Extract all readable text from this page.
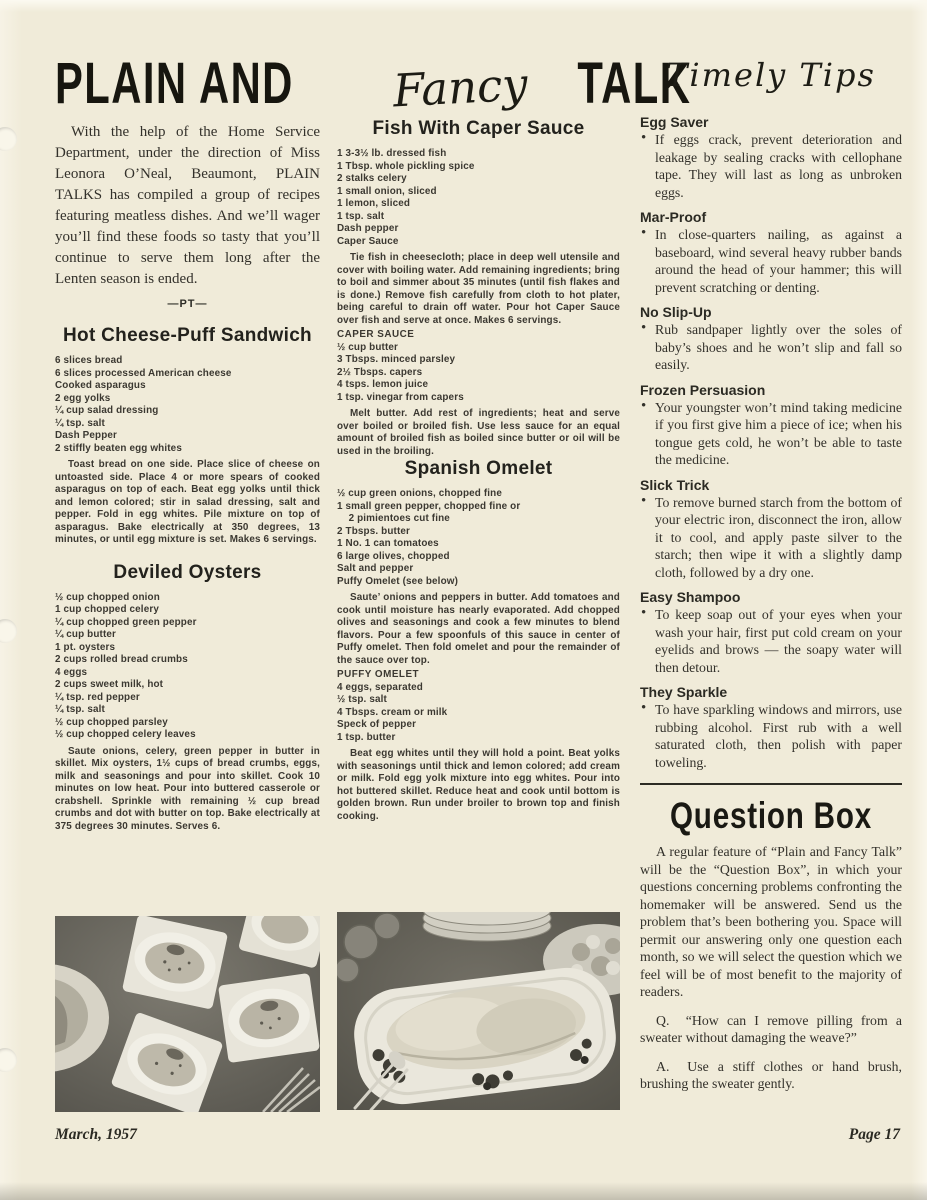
PLAIN AND Fancy TALK
Timely Tips

With the help of the Home Service Department, under the direction of Miss Leonora O’Neal, Beaumont, PLAIN TALKS has compiled a group of recipes featuring meatless dishes. And we’ll wager you’ll find these foods so tasty that you’ll continue to serve them long after the Lenten season is ended.

—PT—

Hot Cheese-Puff Sandwich
6 slices bread
6 slices processed American cheese
Cooked asparagus
2 egg yolks
¼ cup salad dressing
¼ tsp. salt
Dash Pepper
2 stiffly beaten egg whites

Toast bread on one side. Place slice of cheese on untoasted side. Place 4 or more spears of cooked asparagus on top of each. Beat egg yolks until thick and lemon colored; stir in salad dressing, salt and pepper. Fold in egg whites. Pile mixture on top of asparagus. Bake electrically at 350 degrees, 13 minutes, or until egg mixture is set. Makes 6 servings.

Deviled Oysters
½ cup chopped onion
1 cup chopped celery
¼ cup chopped green pepper
¼ cup butter
1 pt. oysters
2 cups rolled bread crumbs
4 eggs
2 cups sweet milk, hot
¼ tsp. red pepper
¼ tsp. salt
½ cup chopped parsley
½ cup chopped celery leaves

Saute onions, celery, green pepper in butter in skillet. Mix oysters, 1½ cups of bread crumbs, eggs, milk and seasonings and pour into skillet. Cook 10 minutes on low heat. Pour into buttered casserole or crabshell. Sprinkle with remaining ½ cup bread crumbs and dot with butter on top. Bake electrically at 375 degrees 30 minutes. Serves 6.

Fish With Caper Sauce
1 3-3½ lb. dressed fish
1 Tbsp. whole pickling spice
2 stalks celery
1 small onion, sliced
1 lemon, sliced
1 tsp. salt
Dash pepper
Caper Sauce

Tie fish in cheesecloth; place in deep well utensile and cover with boiling water. Add remaining ingredients; bring to boil and simmer about 35 minutes (until fish flakes and is done.) Remove fish carefully from cloth to hot plater, being careful to drain off water. Pour hot Caper Sauce over fish and serve at once. Makes 6 servings.

CAPER SAUCE

½ cup butter
3 Tbsps. minced parsley
2½ Tbsps. capers
4 tsps. lemon juice
1 tsp. vinegar from capers

Melt butter. Add rest of ingredients; heat and serve over boiled or broiled fish. Use less sauce for an equal amount of broiled fish as boiled since butter or oil will be used in the broiling.

Spanish Omelet
½ cup green onions, chopped fine
1 small green pepper, chopped fine or
2 pimientoes cut fine
2 Tbsps. butter
1 No. 1 can tomatoes
6 large olives, chopped
Salt and pepper
Puffy Omelet (see below)

Saute’ onions and peppers in butter. Add tomatoes and cook until moisture has nearly evaporated. Add chopped olives and seasonings and cook a few minutes to blend flavors. Pour a few spoonfuls of this sauce in center of Puffy omelet. Then fold omelet and pour the remainder of the sauce over top.

PUFFY OMELET

4 eggs, separated
½ tsp. salt
4 Tbsps. cream or milk
Speck of pepper
1 tsp. butter

Beat egg whites until they will hold a point. Beat yolks with seasonings until thick and lemon colored; add cream or milk. Fold egg yolk mixture into egg whites. Pour into hot buttered skillet. Reduce heat and cook until bottom is golden brown. Run under broiler to brown top and finish cooking.

Egg Saver

• If eggs crack, prevent deterioration and leakage by sealing cracks with cellophane tape. They will last as long as unbroken eggs.

Mar-Proof

• In close-quarters nailing, as against a baseboard, wind several heavy rubber bands around the head of your hammer; this will prevent scratching or denting.

No Slip-Up

• Rub sandpaper lightly over the soles of baby’s shoes and he won’t slip and fall so easily.

Frozen Persuasion

• Your youngster won’t mind taking medicine if you first give him a piece of ice; when his tongue gets cold, he won’t be able to taste the medicine.

Slick Trick

• To remove burned starch from the bottom of your electric iron, disconnect the iron, allow it to cool, and apply paste silver to the starch; then wipe it with a slightly damp cloth, followed by a dry one.

Easy Shampoo

• To keep soap out of your eyes when your wash your hair, first put cold cream on your eyelids and brows — the soapy water will then detour.

They Sparkle

• To have sparkling windows and mirrors, use rubbing alcohol. First rub with a well saturated cloth, then polish with paper toweling.

Question Box

A regular feature of “Plain and Fancy Talk” will be the “Question Box”, in which your questions concerning problems confronting the homemaker will be answered. Send us the problem that’s been bothering you. Space will permit our answering only one question each month, so we will select the question which we feel will be of most benefit to the majority of readers.

Q.  “How can I remove pilling from a sweater without damaging the weave?”

A.  Use a stiff clothes or hand brush, brushing the sweater gently.

March, 1957	Page 17
